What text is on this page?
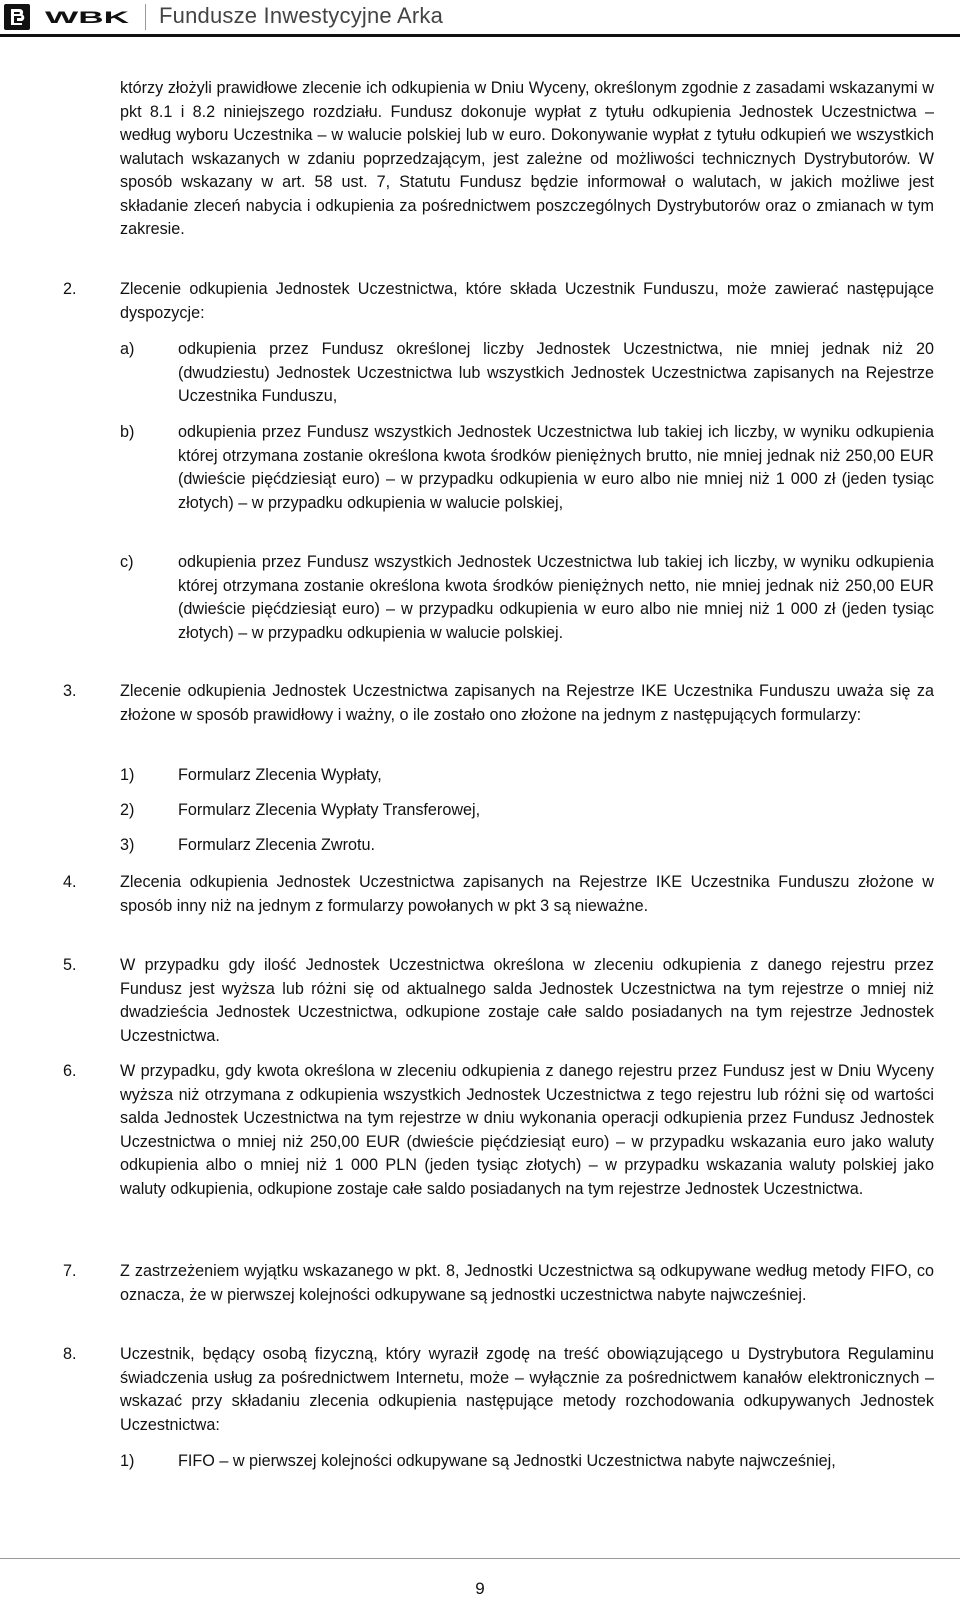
WBK Fundusze Inwestycyjne Arka

którzy złożyli prawidłowe zlecenie ich odkupienia w Dniu Wyceny, określonym zgodnie z zasadami wskazanymi w pkt 8.1 i 8.2 niniejszego rozdziału. Fundusz dokonuje wypłat z tytułu odkupienia Jednostek Uczestnictwa – według wyboru Uczestnika – w walucie polskiej lub w euro. Dokonywanie wypłat z tytułu odkupień we wszystkich walutach wskazanych w zdaniu poprzedzającym, jest zależne od możliwości technicznych Dystrybutorów. W sposób wskazany w art. 58 ust. 7, Statutu Fundusz będzie informował o walutach, w jakich możliwe jest składanie zleceń nabycia i odkupienia za pośrednictwem poszczególnych Dystrybutorów oraz o zmianach w tym zakresie.

2.	Zlecenie odkupienia Jednostek Uczestnictwa, które składa Uczestnik Funduszu, może zawierać następujące dyspozycje:

a)	odkupienia przez Fundusz określonej liczby Jednostek Uczestnictwa, nie mniej jednak niż 20 (dwudziestu) Jednostek Uczestnictwa lub wszystkich Jednostek Uczestnictwa zapisanych na Rejestrze Uczestnika Funduszu,

b)	odkupienia przez Fundusz wszystkich Jednostek Uczestnictwa lub takiej ich liczby, w wyniku odkupienia której otrzymana zostanie określona kwota środków pieniężnych brutto, nie mniej jednak niż 250,00 EUR (dwieście pięćdziesiąt euro) – w przypadku odkupienia w euro albo nie mniej niż 1 000 zł (jeden tysiąc złotych) – w przypadku odkupienia w walucie polskiej,

c)	odkupienia przez Fundusz wszystkich Jednostek Uczestnictwa lub takiej ich liczby, w wyniku odkupienia której otrzymana zostanie określona kwota środków pieniężnych netto, nie mniej jednak niż 250,00 EUR (dwieście pięćdziesiąt euro) – w przypadku odkupienia w euro albo nie mniej niż 1 000 zł (jeden tysiąc złotych) – w przypadku odkupienia w walucie polskiej.

3.	Zlecenie odkupienia Jednostek Uczestnictwa zapisanych na Rejestrze IKE Uczestnika Funduszu uważa się za złożone w sposób prawidłowy i ważny, o ile zostało ono złożone na jednym z następujących formularzy:

1)	Formularz Zlecenia Wypłaty,

2)	Formularz Zlecenia Wypłaty Transferowej,

3)	Formularz Zlecenia Zwrotu.

4.	Zlecenia odkupienia Jednostek Uczestnictwa zapisanych na Rejestrze IKE Uczestnika Funduszu złożone w sposób inny niż na jednym z formularzy powołanych w pkt 3 są nieważne.

5.	W przypadku gdy ilość Jednostek Uczestnictwa określona w zleceniu odkupienia z danego rejestru przez Fundusz jest wyższa lub różni się od aktualnego salda Jednostek Uczestnictwa na tym rejestrze o mniej niż dwadzieścia Jednostek Uczestnictwa, odkupione zostaje całe saldo posiadanych na tym rejestrze Jednostek Uczestnictwa.

6.	W przypadku, gdy kwota określona w zleceniu odkupienia z danego rejestru przez Fundusz jest w Dniu Wyceny wyższa niż otrzymana z odkupienia wszystkich Jednostek Uczestnictwa z tego rejestru lub różni się od wartości salda Jednostek Uczestnictwa na tym rejestrze w dniu wykonania operacji odkupienia przez Fundusz Jednostek Uczestnictwa o mniej niż 250,00 EUR (dwieście pięćdziesiąt euro) – w przypadku wskazania euro jako waluty odkupienia albo o mniej niż 1 000 PLN (jeden tysiąc złotych) – w przypadku wskazania waluty polskiej jako waluty odkupienia, odkupione zostaje całe saldo posiadanych na tym rejestrze Jednostek Uczestnictwa.

7.	Z zastrzeżeniem wyjątku wskazanego w pkt. 8, Jednostki Uczestnictwa są odkupywane według metody FIFO, co oznacza, że w pierwszej kolejności odkupywane są jednostki uczestnictwa nabyte najwcześniej.

8.	Uczestnik, będący osobą fizyczną, który wyraził zgodę na treść obowiązującego u Dystrybutora Regulaminu świadczenia usług za pośrednictwem Internetu, może – wyłącznie za pośrednictwem kanałów elektronicznych – wskazać przy składaniu zlecenia odkupienia następujące metody rozchodowania odkupywanych Jednostek Uczestnictwa:

1)	FIFO – w pierwszej kolejności odkupywane są Jednostki Uczestnictwa nabyte najwcześniej,

9
